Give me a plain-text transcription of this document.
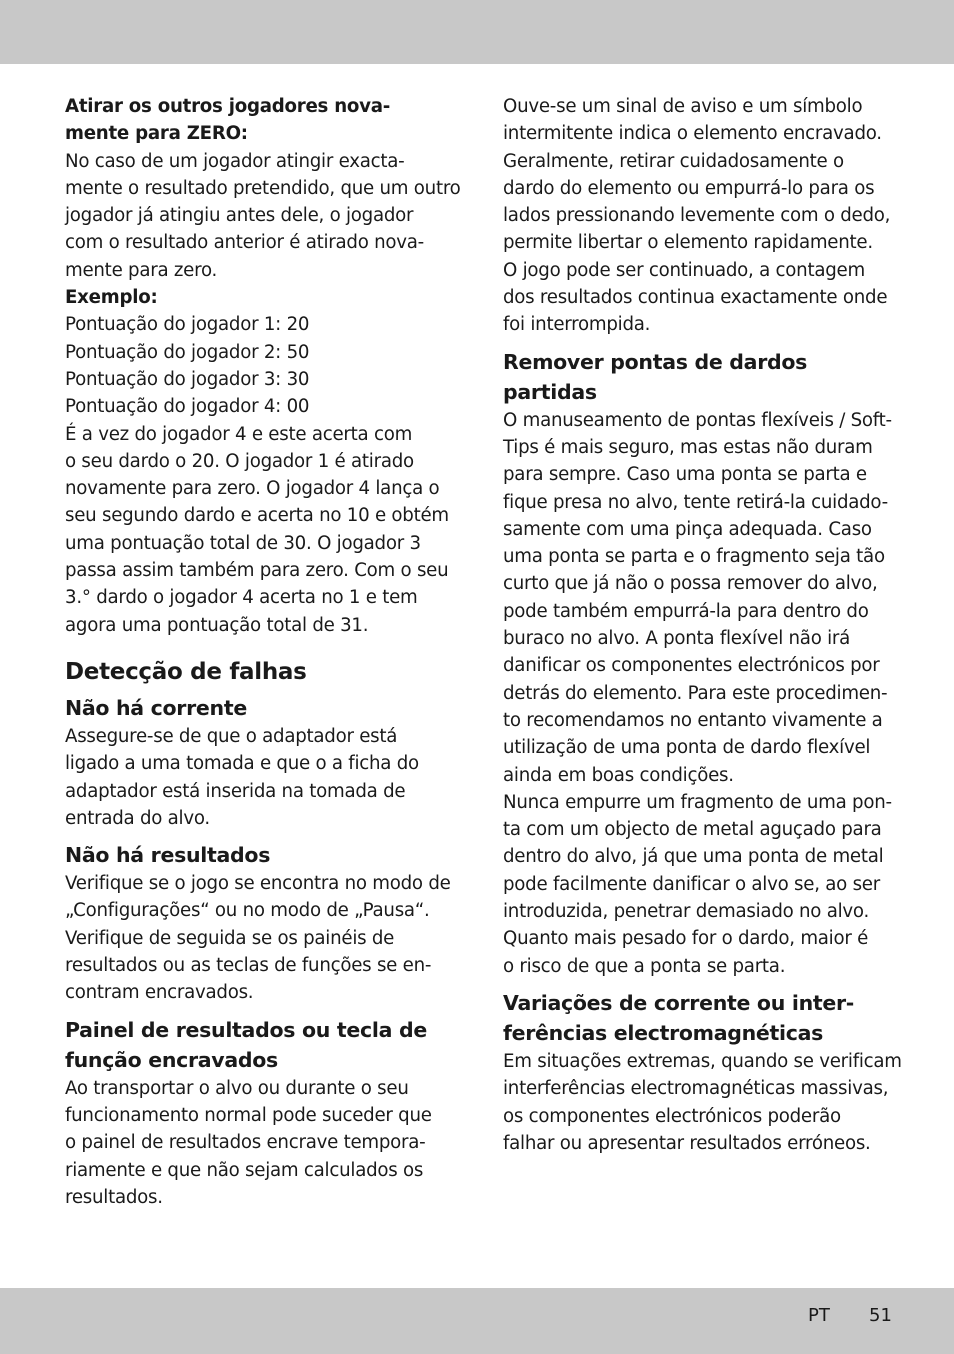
Atirar os outros jogadores nova-
mente para ZERO:

No caso de um jogador atingir exacta-
mente o resultado pretendido, que um outro
jogador já atingiu antes dele, o jogador
com o resultado anterior é atirado nova-
mente para zero.

Exemplo:

Pontuação do jogador 1: 20
Pontuação do jogador 2: 50
Pontuação do jogador 3: 30
Pontuação do jogador 4: 00
É a vez do jogador 4 e este acerta com
o seu dardo o 20. O jogador 1 é atirado
novamente para zero. O jogador 4 lança o
seu segundo dardo e acerta no 10 e obtém
uma pontuação total de 30. O jogador 3
passa assim também para zero. Com o seu
3.° dardo o jogador 4 acerta no 1 e tem
agora uma pontuação total de 31.

Detecção de falhas
Não há corrente

Assegure-se de que o adaptador está
ligado a uma tomada e que o a ficha do
adaptador está inserida na tomada de
entrada do alvo.

Não há resultados

Verifique se o jogo se encontra no modo de
„Configurações“ ou no modo de „Pausa“.
Verifique de seguida se os painéis de
resultados ou as teclas de funções se en-
contram encravados.

Painel de resultados ou tecla de
função encravados

Ao transportar o alvo ou durante o seu
funcionamento normal pode suceder que
o painel de resultados encrave tempora-
riamente e que não sejam calculados os
resultados.

Ouve-se um sinal de aviso e um símbolo
intermitente indica o elemento encravado.
Geralmente, retirar cuidadosamente o
dardo do elemento ou empurrá-lo para os
lados pressionando levemente com o dedo,
permite libertar o elemento rapidamente.
O jogo pode ser continuado, a contagem
dos resultados continua exactamente onde
foi interrompida.

Remover pontas de dardos
partidas

O manuseamento de pontas flexíveis / Soft-
Tips é mais seguro, mas estas não duram
para sempre. Caso uma ponta se parta e
fique presa no alvo, tente retirá-la cuidado-
samente com uma pinça adequada. Caso
uma ponta se parta e o fragmento seja tão
curto que já não o possa remover do alvo,
pode também empurrá-la para dentro do
buraco no alvo. A ponta flexível não irá
danificar os componentes electrónicos por
detrás do elemento. Para este procedimen-
to recomendamos no entanto vivamente a
utilização de uma ponta de dardo flexível
ainda em boas condições.
Nunca empurre um fragmento de uma pon-
ta com um objecto de metal aguçado para
dentro do alvo, já que uma ponta de metal
pode facilmente danificar o alvo se, ao ser
introduzida, penetrar demasiado no alvo.
Quanto mais pesado for o dardo, maior é
o risco de que a ponta se parta.

Variações de corrente ou inter-
ferências electromagnéticas

Em situações extremas, quando se verificam
interferências electromagnéticas massivas,
os componentes electrónicos poderão
falhar ou apresentar resultados erróneos.

PT 51
